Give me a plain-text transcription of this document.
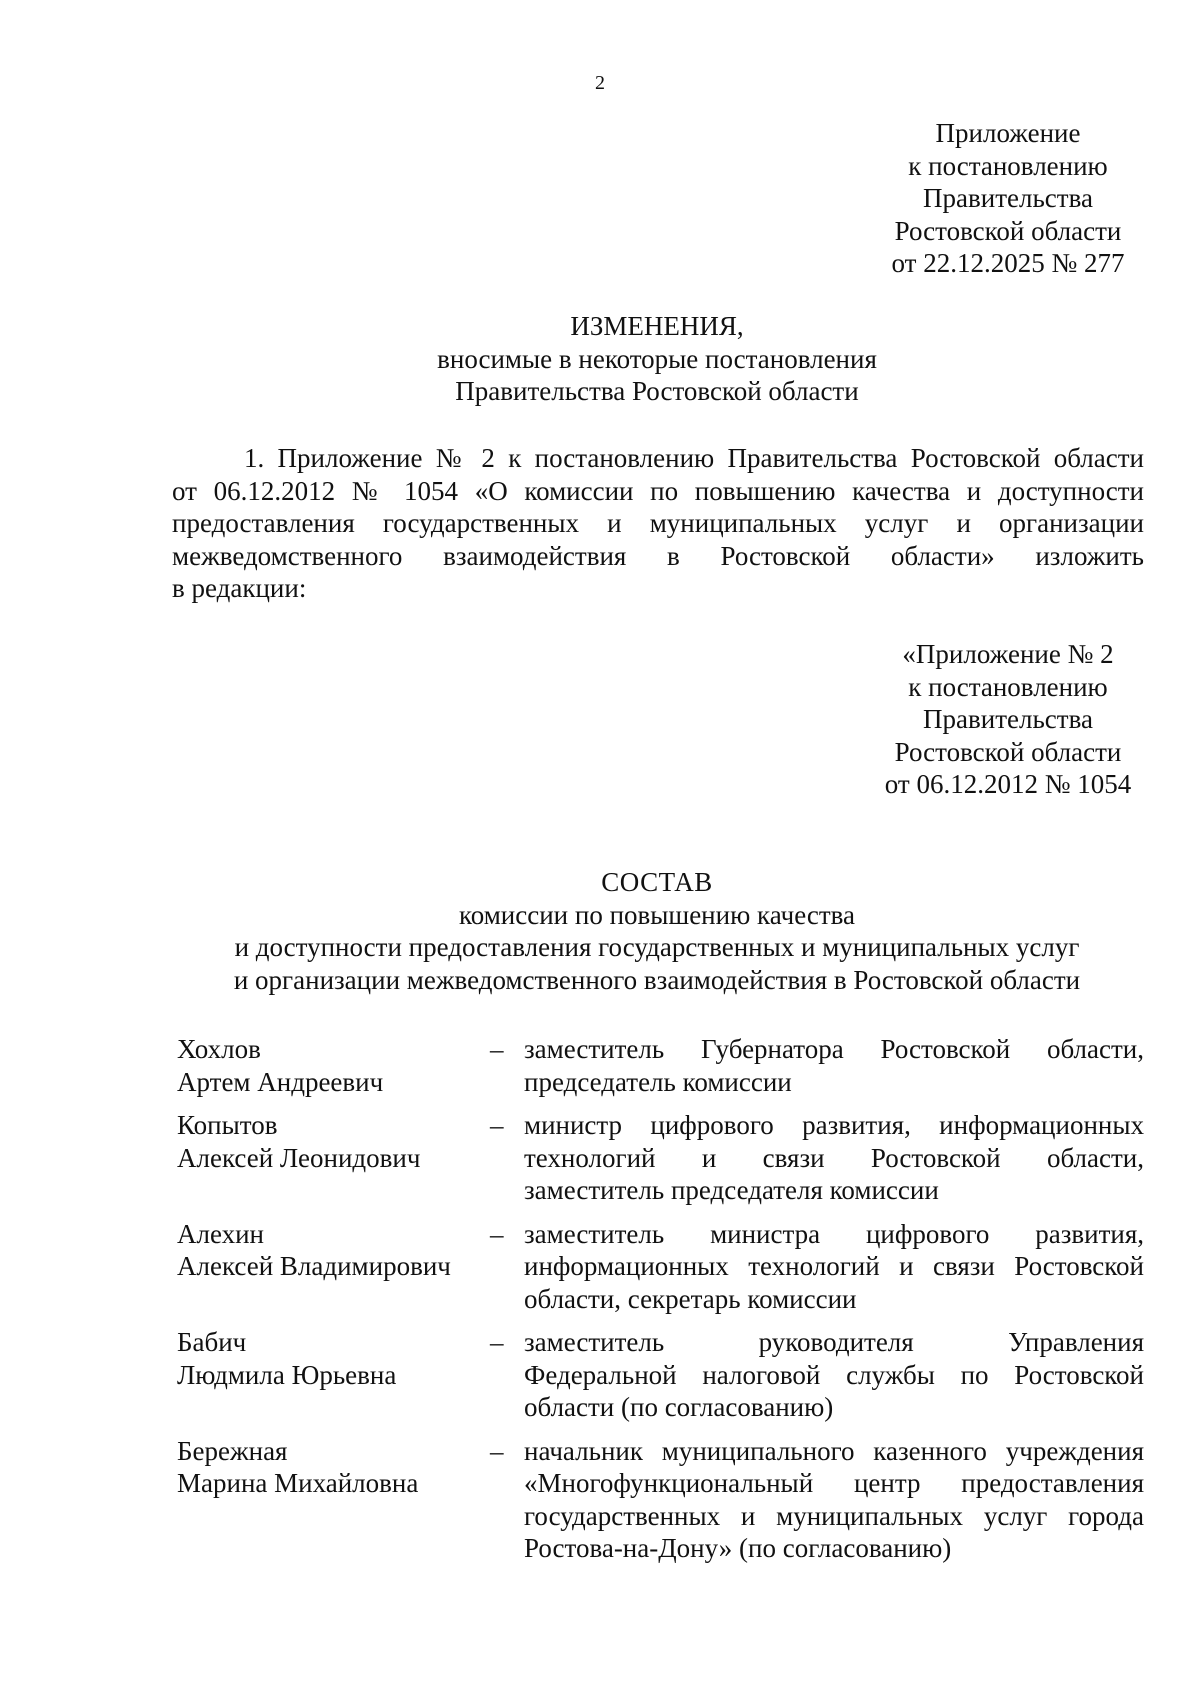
2
Приложение
к постановлению
Правительства
Ростовской области
от 22.12.2025 № 277
ИЗМЕНЕНИЯ,
вносимые в некоторые постановления
Правительства Ростовской области
1. Приложение № 2 к постановлению Правительства Ростовской области
от 06.12.2012 № 1054 «О комиссии по повышению качества и доступности
предоставления государственных и муниципальных услуг и организации
межведомственного взаимодействия в Ростовской области» изложить
в редакции:
«Приложение № 2
к постановлению
Правительства
Ростовской области
от 06.12.2012 № 1054
СОСТАВ
комиссии по повышению качества
и доступности предоставления государственных и муниципальных услуг
и организации межведомственного взаимодействия в Ростовской области
Хохлов
Артем Андреевич
– заместитель Губернатора Ростовской области,
председатель комиссии
Копытов
Алексей Леонидович
– министр цифрового развития, информационных
технологий и связи Ростовской области,
заместитель председателя комиссии
Алехин
Алексей Владимирович
– заместитель министра цифрового развития,
информационных технологий и связи Ростовской
области, секретарь комиссии
Бабич
Людмила Юрьевна
– заместитель руководителя Управления
Федеральной налоговой службы по Ростовской
области (по согласованию)
Бережная
Марина Михайловна
– начальник муниципального казенного учреждения
«Многофункциональный центр предоставления
государственных и муниципальных услуг города
Ростова-на-Дону» (по согласованию)
